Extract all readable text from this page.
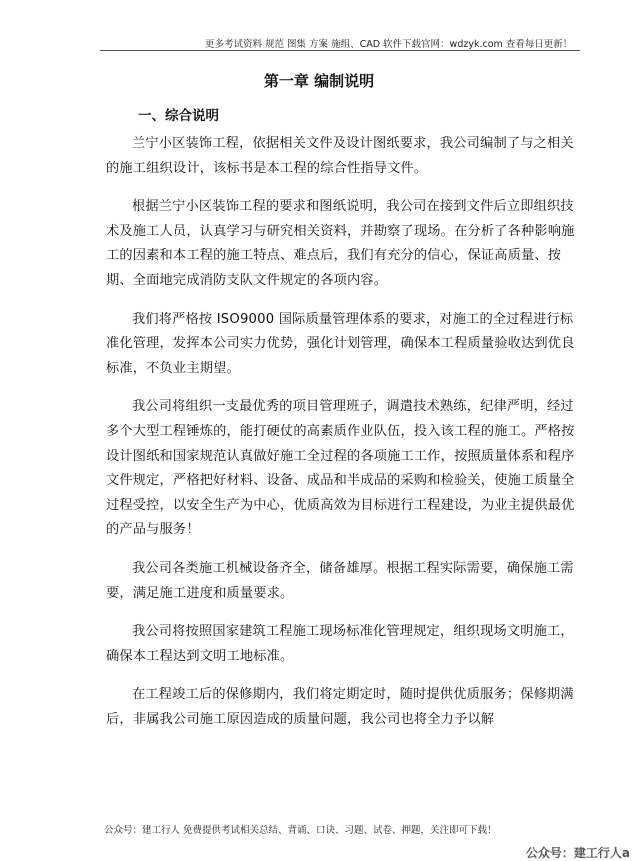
更多考试资料 规范 图集 方案 施组、CAD 软件下载官网：wdzyk.com 查看每日更新！
第一章 编制说明
一、综合说明

兰宁小区装饰工程，依据相关文件及设计图纸要求，我公司编制了与之相关的施工组织设计，该标书是本工程的综合性指导文件。

根据兰宁小区装饰工程的要求和图纸说明，我公司在接到文件后立即组织技术及施工人员，认真学习与研究相关资料，并勘察了现场。在分析了各种影响施工的因素和本工程的施工特点、难点后，我们有充分的信心，保证高质量、按期、全面地完成消防支队文件规定的各项内容。

我们将严格按 ISO9000 国际质量管理体系的要求，对施工的全过程进行标准化管理，发挥本公司实力优势，强化计划管理，确保本工程质量验收达到优良标准，不负业主期望。

我公司将组织一支最优秀的项目管理班子，调遣技术熟练，纪律严明，经过多个大型工程锤炼的，能打硬仗的高素质作业队伍，投入该工程的施工。严格按设计图纸和国家规范认真做好施工全过程的各项施工工作，按照质量体系和程序文件规定，严格把好材料、设备、成品和半成品的采购和检验关，使施工质量全过程受控，以安全生产为中心，优质高效为目标进行工程建设，为业主提供最优的产品与服务！

我公司各类施工机械设备齐全，储备雄厚。根据工程实际需要，确保施工需要，满足施工进度和质量要求。

我公司将按照国家建筑工程施工现场标准化管理规定，组织现场文明施工，确保本工程达到文明工地标准。

在工程竣工后的保修期内，我们将定期定时，随时提供优质服务；保修期满后，非属我公司施工原因造成的质量问题，我公司也将全力予以解

公众号：建工行人 免费提供考试相关总结、背诵、口诀、习题、试卷、押题，关注即可下载！
公众号：建工行人a
